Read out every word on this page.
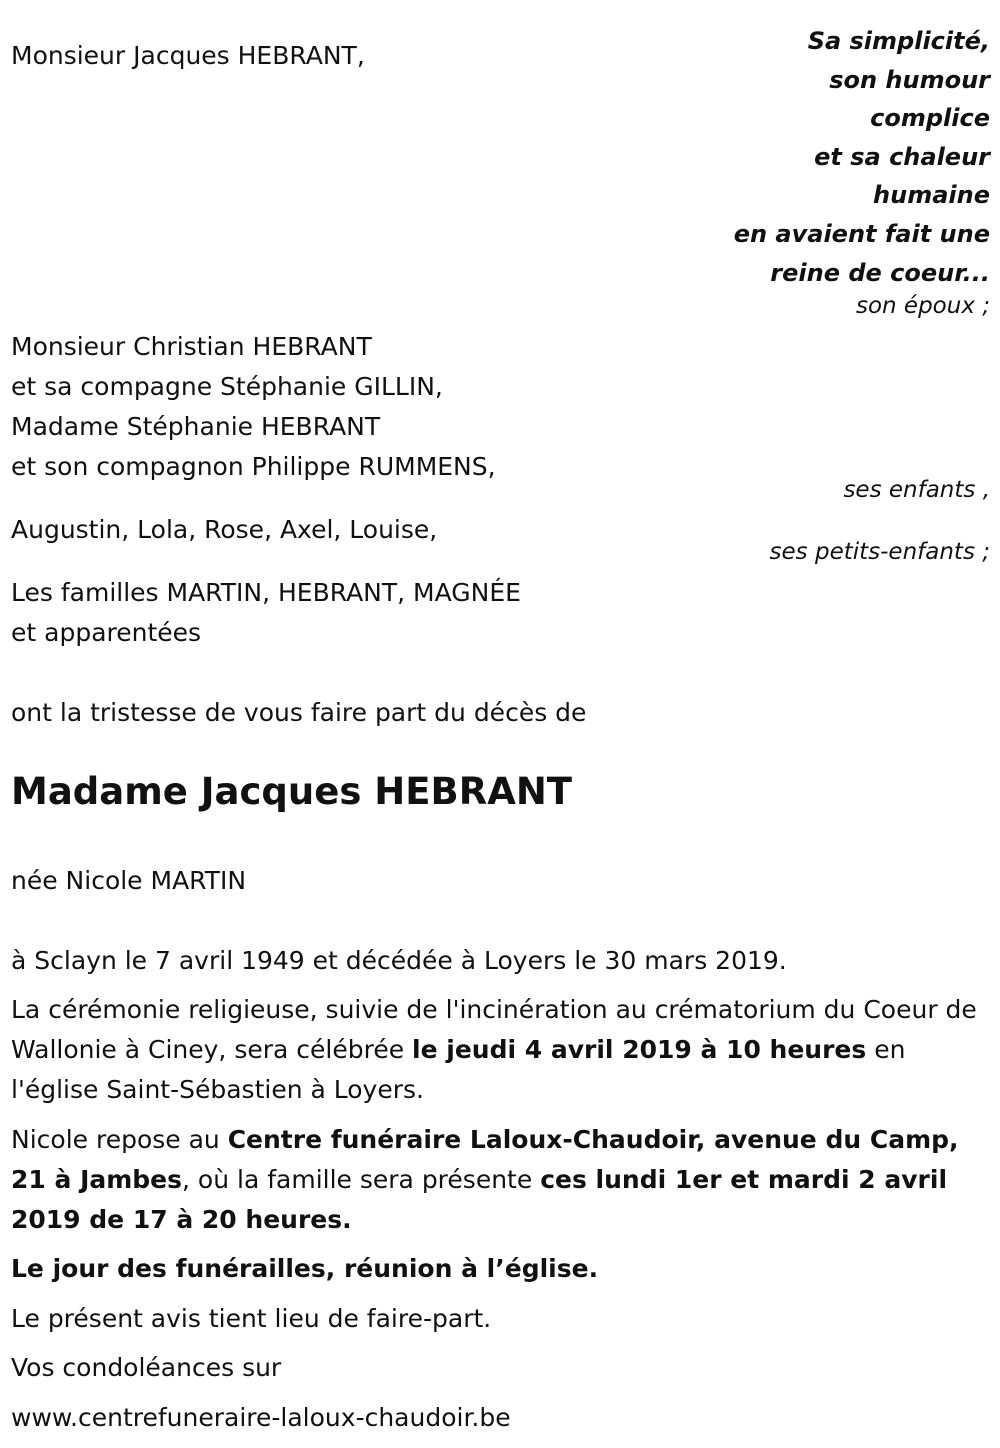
Monsieur Jacques HEBRANT,	Sa simplicité,
son humour
complice
et sa chaleur
humaine
en avaient fait une
reine de coeur...
son époux ;
Monsieur Christian HEBRANT
et sa compagne Stéphanie GILLIN,
Madame Stéphanie HEBRANT
et son compagnon Philippe RUMMENS,
ses enfants ,
Augustin, Lola, Rose, Axel, Louise,
ses petits-enfants ;
Les familles MARTIN, HEBRANT, MAGNÉE
et apparentées
ont la tristesse de vous faire part du décès de
Madame Jacques HEBRANT
née Nicole MARTIN
à Sclayn le 7 avril 1949 et décédée à Loyers le 30 mars 2019.
La cérémonie religieuse, suivie de l'incinération au crématorium du Coeur de Wallonie à Ciney, sera célébrée le jeudi 4 avril 2019 à 10 heures en l'église Saint-Sébastien à Loyers.
Nicole repose au Centre funéraire Laloux-Chaudoir, avenue du Camp, 21 à Jambes, où la famille sera présente ces lundi 1er et mardi 2 avril 2019 de 17 à 20 heures.
Le jour des funérailles, réunion à l’église.
Le présent avis tient lieu de faire-part.
Vos condoléances sur
www.centrefuneraire-laloux-chaudoir.be
